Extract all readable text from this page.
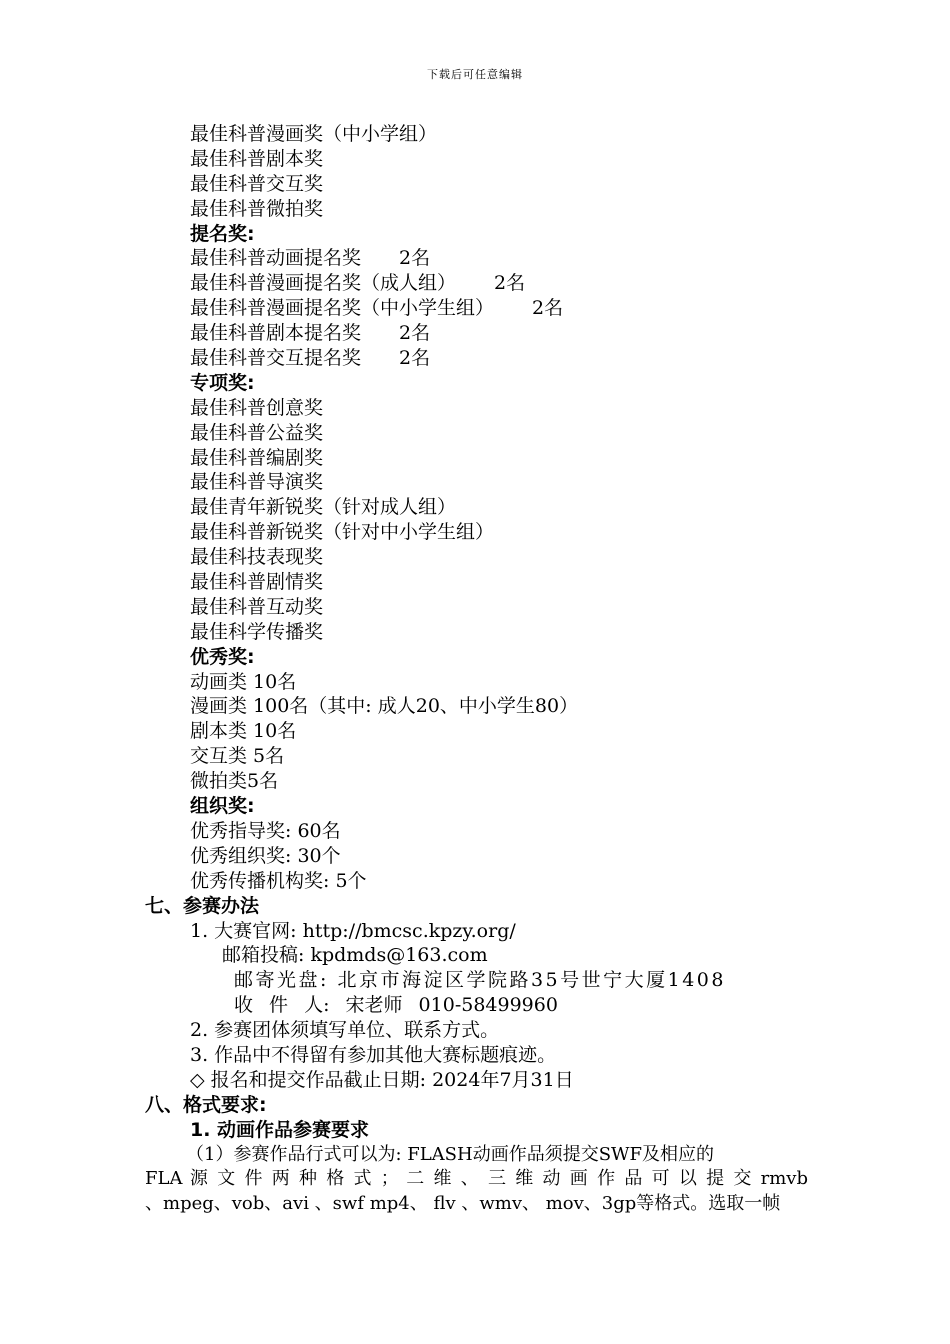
下载后可任意编辑
最佳科普漫画奖（中小学组）
最佳科普剧本奖
最佳科普交互奖
最佳科普微拍奖
提名奖:
最佳科普动画提名奖 2名
最佳科普漫画提名奖（成人组） 2名
最佳科普漫画提名奖（中小学生组） 2名
最佳科普剧本提名奖 2名
最佳科普交互提名奖 2名
专项奖:
最佳科普创意奖
最佳科普公益奖
最佳科普编剧奖
最佳科普导演奖
最佳青年新锐奖（针对成人组）
最佳科普新锐奖（针对中小学生组）
最佳科技表现奖
最佳科普剧情奖
最佳科普互动奖
最佳科学传播奖
优秀奖:
动画类 10名
漫画类 100名（其中: 成人20、中小学生80）
剧本类 10名
交互类 5名
微拍类5名
组织奖:
优秀指导奖: 60名
优秀组织奖: 30个
优秀传播机构奖: 5个
七、参赛办法
1. 大赛官网: http://bmcsc.kpzy.org/
邮箱投稿: kpdmds@163.com
邮寄光盘: 北京市海淀区学院路35号世宁大厦1408
收 件 人: 宋老师 010-58499960
2. 参赛团体须填写单位、联系方式。
3. 作品中不得留有参加其他大赛标题痕迹。
◇ 报名和提交作品截止日期: 2024年7月31日
八、格式要求:
1. 动画作品参赛要求
（1）参赛作品行式可以为: FLASH动画作品须提交SWF及相应的
FLA 源 文 件 两 种 格 式 ； 二 维 、 三 维 动 画 作 品 可 以 提 交 rmvb
、mpeg、vob、avi 、swf mp4、 flv 、wmv、 mov、3gp等格式。选取一帧
